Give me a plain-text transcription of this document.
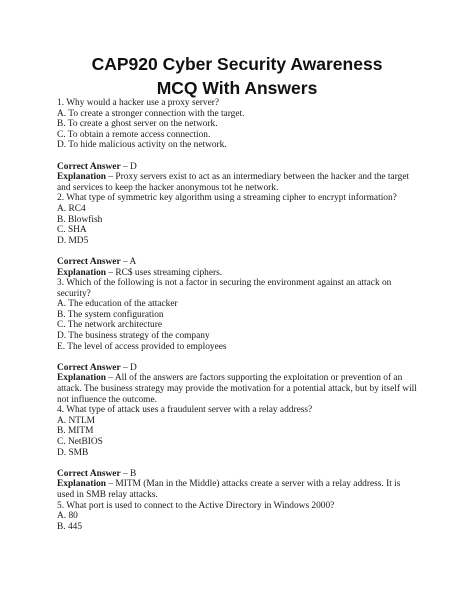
CAP920 Cyber Security Awareness
MCQ With Answers
1. Why would a hacker use a proxy server?
A. To create a stronger connection with the target.
B. To create a ghost server on the network.
C. To obtain a remote access connection.
D. To hide malicious activity on the network.
Correct Answer – D
Explanation – Proxy servers exist to act as an intermediary between the hacker and the target and services to keep the hacker anonymous tot he network.
2. What type of symmetric key algorithm using a streaming cipher to encrypt information?
A. RC4
B. Blowfish
C. SHA
D. MD5
Correct Answer – A
Explanation – RC$ uses streaming ciphers.
3. Which of the following is not a factor in securing the environment against an attack on security?
A. The education of the attacker
B. The system configuration
C. The network architecture
D. The business strategy of the company
E. The level of access provided to employees
Correct Answer – D
Explanation – All of the answers are factors supporting the exploitation or prevention of an attack. The business strategy may provide the motivation for a potential attack, but by itself will not influence the outcome.
4. What type of attack uses a fraudulent server with a relay address?
A. NTLM
B. MITM
C. NetBIOS
D. SMB
Correct Answer – B
Explanation – MITM (Man in the Middle) attacks create a server with a relay address. It is used in SMB relay attacks.
5. What port is used to connect to the Active Directory in Windows 2000?
A. 80
B. 445
